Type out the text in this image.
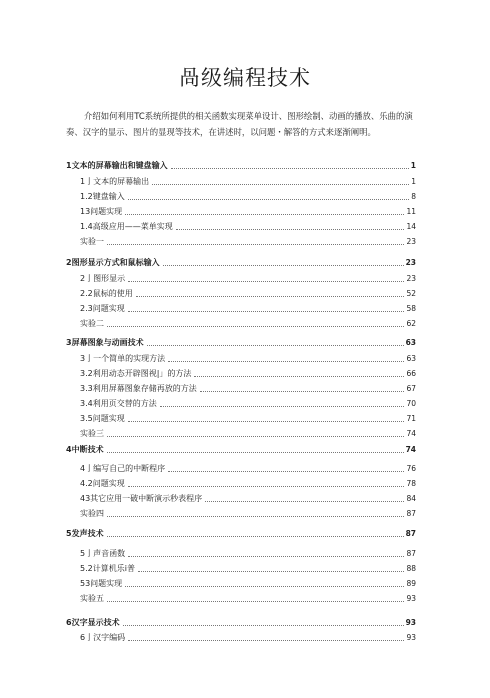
咼级编程技术
介绍如何利用TC系统所提供的相关函数实现菜单设计、图形绘制、动画的播放、乐曲的演奏、汉字的显示、图片的显现等技术，在讲述时，以问题・解答的方式来逐渐阐明。
1文本的屏幕输出和键盘输入	1
1亅文本的屏幕输出	1
1.2键盘输入	8
13问题实现	11
1.4高级应用——菜单实现	14
实验一	23
2图形显示方式和鼠标输入	23
2亅图形显示	23
2.2鼠标的使用	52
2.3问题实现	58
实验二	62
3屏幕图象与动画技术	63
3亅一个简单的实现方法	63
3.2利用动态开辟图视|」的方法	66
3.3利用屏幕图象存储再放的方法	67
3.4利用页交替的方法	70
3.5问题实现	71
实验三	74
4中断技术	74
4亅编写自己的中断程序	76
4.2问题实现	78
43其它应用一破中断演示秒表程序	84
实验四	87
5发声技术	87
5亅声音函数	87
5.2计算机乐i普	88
53问题实现	89
实验五	93
6汉字显示技术	93
6亅汉字编码	93
